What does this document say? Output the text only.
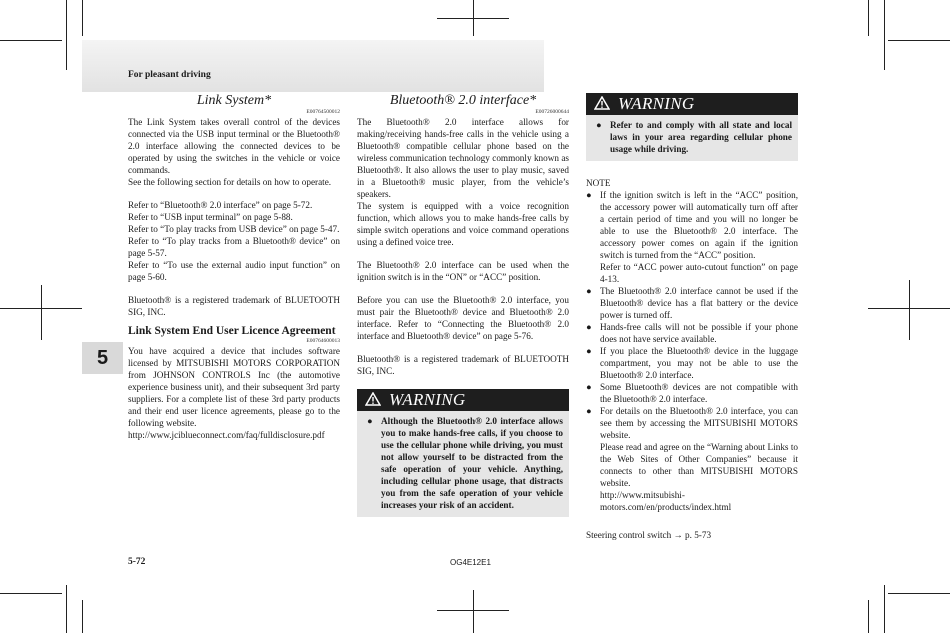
For pleasant driving
5

Link System*

E00764500012

The Link System takes overall control of the devices connected via the USB input terminal or the Bluetooth® 2.0 interface allowing the connected devices to be operated by using the switches in the vehicle or voice commands.

See the following section for details on how to operate.

Refer to “Bluetooth® 2.0 interface” on page 5-72.

Refer to “USB input terminal” on page 5-88.

Refer to “To play tracks from USB device” on page 5-47.

Refer to “To play tracks from a Bluetooth® device” on page 5-57.

Refer to “To use the external audio input function” on page 5-60.

Bluetooth® is a registered trademark of BLUETOOTH SIG, INC.

Link System End User Licence Agreement

E00764600013

You have acquired a device that includes software licensed by MITSUBISHI MOTORS CORPORATION from JOHNSON CONTROLS Inc (the automotive experience business unit), and their subsequent 3rd party suppliers. For a complete list of these 3rd party products and their end user licence agreements, please go to the following website.

http://www.jciblueconnect.com/faq/fulldisclosure.pdf

Bluetooth® 2.0 interface*

E00726000644

The Bluetooth® 2.0 interface allows for making/receiving hands-free calls in the vehicle using a Bluetooth® compatible cellular phone based on the wireless communication technology commonly known as Bluetooth®. It also allows the user to play music, saved in a Bluetooth® music player, from the vehicle’s speakers.

The system is equipped with a voice recognition function, which allows you to make hands-free calls by simple switch operations and voice command operations using a defined voice tree.

The Bluetooth® 2.0 interface can be used when the ignition switch is in the “ON” or “ACC” position.

Before you can use the Bluetooth® 2.0 interface, you must pair the Bluetooth® device and Bluetooth® 2.0 interface. Refer to “Connecting the Bluetooth® 2.0 interface and Bluetooth® device” on page 5-76.

Bluetooth® is a registered trademark of BLUETOOTH SIG, INC.

WARNING
● Although the Bluetooth® 2.0 interface allows you to make hands-free calls, if you choose to use the cellular phone while driving, you must not allow yourself to be distracted from the safe operation of your vehicle. Anything, including cellular phone usage, that distracts you from the safe operation of your vehicle increases your risk of an accident.
WARNING
● Refer to and comply with all state and local laws in your area regarding cellular phone usage while driving.

NOTE

● If the ignition switch is left in the “ACC” position, the accessory power will automatically turn off after a certain period of time and you will no longer be able to use the Bluetooth® 2.0 interface. The accessory power comes on again if the ignition switch is turned from the “ACC” position.
Refer to “ACC power auto-cutout function” on page 4-13.
● The Bluetooth® 2.0 interface cannot be used if the Bluetooth® device has a flat battery or the device power is turned off.
● Hands-free calls will not be possible if your phone does not have service available.
● If you place the Bluetooth® device in the luggage compartment, you may not be able to use the Bluetooth® 2.0 interface.
● Some Bluetooth® devices are not compatible with the Bluetooth® 2.0 interface.
● For details on the Bluetooth® 2.0 interface, you can see them by accessing the MITSUBISHI MOTORS website.
Please read and agree on the “Warning about Links to the Web Sites of Other Companies” because it connects to other than MITSUBISHI MOTORS website.
http://www.mitsubishi-motors.com/en/products/index.html

Steering control switch → p. 5-73

5-72	OG4E12E1
